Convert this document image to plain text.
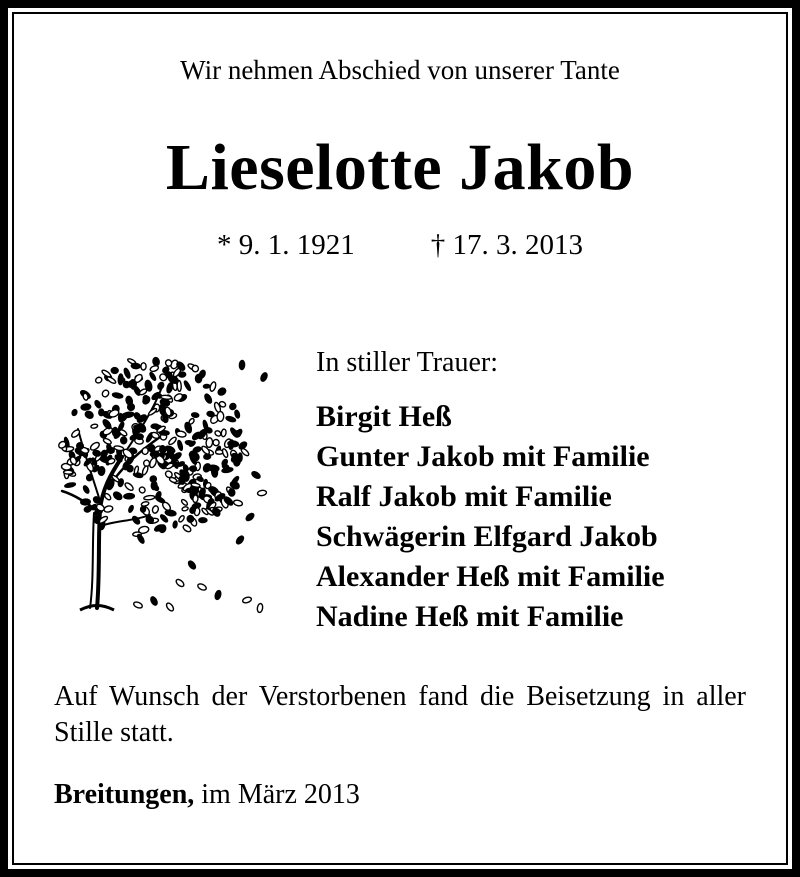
Wir nehmen Abschied von unserer Tante
Lieselotte Jakob
* 9. 1. 1921	† 17. 3. 2013
In stiller Trauer:
Birgit Heß
Gunter Jakob mit Familie
Ralf Jakob mit Familie
Schwägerin Elfgard Jakob
Alexander Heß mit Familie
Nadine Heß mit Familie
Auf Wunsch der Verstorbenen fand die Beisetzung in aller Stille statt.
Breitungen, im März 2013
